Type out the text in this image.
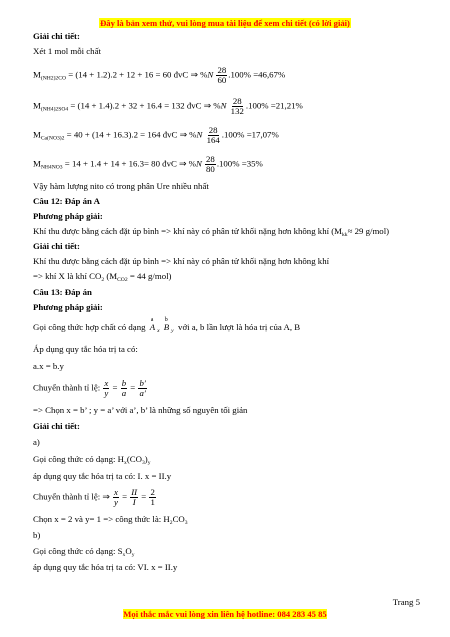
Đây là bản xem thử, vui lòng mua tài liệu để xem chi tiết (có lời giải)
Giải chi tiết:
Xét 1 mol mỗi chất
$M_{(NH2)2CO} = (14 + 1.2).2 + 12 + 16 = 60$ đvC ⇒ $\%N \frac{28}{60} .100\% =46,67\%$
$M_{(NH4)2SO4} = (14 + 1.4).2 + 32 + 16.4 = 132$ đvC ⇒ $\%N \frac{28}{132} .100\% =21,21\%$
$M_{Ca(NO3)2} = 40 + (14 + 16.3).2 = 164$ đvC ⇒ $\%N \frac{28}{164} .100\% =17,07\%$
$M_{NH4NO3} = 14 + 1.4 + 14 + 16.3= 80$ đvC ⇒ $\%N \frac{28}{80} .100\% =35\%$
Vậy hàm lượng nito có trong phân Ure nhiều nhất
Câu 12: Đáp án A
Phương pháp giải:
Khí thu được bằng cách đặt úp bình => khí này có phân tử khối nặng hơn không khí ($M_{kk}\approx 29$ g/mol)
Giải chi tiết:
Khí thu được bằng cách đặt úp bình => khí này có phân tử khối nặng hơn không khí
=> khí X là khí $CO_2$ ($M_{CO2} = 44$ g/mol)
Câu 13: Đáp án
Phương pháp giải:
Gọi công thức hợp chất có dạng
a
A $_x$
b
B $_y$ với a, b lần lượt là hóa trị của A, B
Áp dụng quy tắc hóa trị ta có:
a.x = b.y
Chuyển thành tỉ lệ: $\frac{x}{y} = \frac{b}{a} = \frac{b'}{a'}$
=> Chọn x = b’ ; y = a’ với a’, b’ là những số nguyên tối giản
Giải chi tiết:
a)
Gọi công thức có dạng: $H_x(CO_3)_y$
áp dụng quy tắc hóa trị ta có: I. x = II.y
Chuyển thành tỉ lệ: ⇒ $\frac{x}{y} = \frac{II}{I} = \frac{2}{1}$
Chọn x = 2 và y= 1 => công thức là: $H_2CO_3$
b)
Gọi công thức có dạng: $S_xO_y$
áp dụng quy tắc hóa trị ta có: VI. x = II.y
Trang 5
Mọi thắc mắc vui lòng xin liên hệ hotline: 084 283 45 85
